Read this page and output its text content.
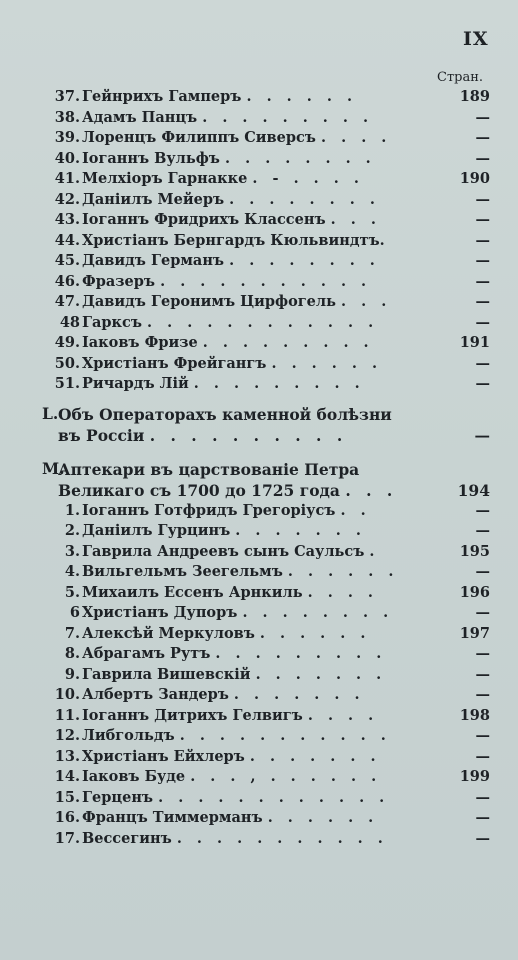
IX
Стран.
37. Гейнрихъ Гамперъ . . . . . .	189
38. Адамъ Панцъ . . . . . . . . .	—
39. Лоренцъ Филиппъ Сиверсъ . . . .	—
40. Іоганнъ Вульфъ . . . . . . . .	—
41. Мелхіоръ Гарнакке . - . . . .	190
42. Даніилъ Мейеръ . . . . . . . .	—
43. Іоганнъ Фридрихъ Классенъ . . .	—
44. Христіанъ Бернгардъ Кюльвиндтъ.	—
45. Давидъ Германъ . . . . . . . .	—
46. Фразеръ . . . . . . . . . . .	—
47. Давидъ Геронимъ Цирфогель . . .	—
48 Гарксъ . . . . . . . . . . . .	—
49. Іаковъ Фризе . . . . . . . . .	191
50. Христіанъ Фрейгангъ . . . . . .	—
51. Ричардъ Лій . . . . . . . . .	—
L. Объ Операторахъ каменной болѣзни
въ Россіи . . . . . . . . . .	—
M.
Аптекари въ царствованіе Петра
Великаго съ 1700 до 1725 года . . .	194
1. Іоганнъ Готфридъ Грегоріусъ . .	—
2. Даніилъ Гурцинъ . . . . . . .	—
3. Гаврила Андреевъ сынъ Саульсъ .	195
4. Вильгельмъ Зеегельмъ . . . . . .	—
5. Михаилъ Ессенъ Арнкиль . . . .	196
6 Христіанъ Дупоръ . . . . . . . .	—
7. Алексѣй Меркуловъ . . . . . .	197
8. Абрагамъ Рутъ . . . . . . . . .	—
9. Гаврила Вишевскій . . . . . . .	—
10. Албертъ Зандеръ . . . . . . .	—
11. Іоганнъ Дитрихъ Гелвигъ . . . .	198
12. Либгольдъ . . . . . . . . . . .	—
13. Христіанъ Ейхлеръ . . . . . . .	—
14. Іаковъ Буде . . . , . . . . . .	199
15. Герценъ . . . . . . . . . . . .	—
16. Францъ Тиммерманъ . . . . . .	—
17. Вессегинъ . . . . . . . . . . .	—
